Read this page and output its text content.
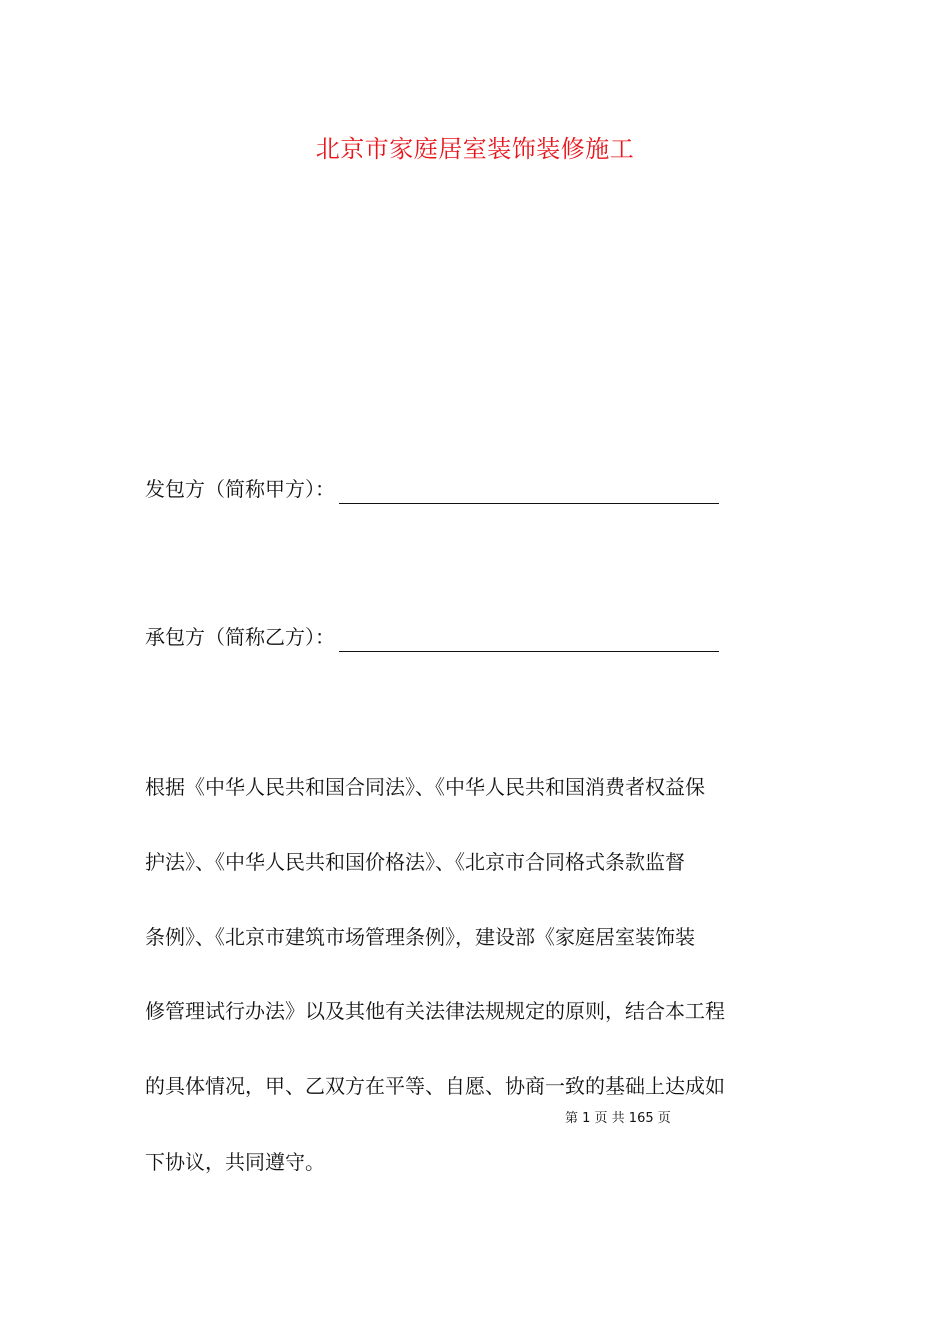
北京市家庭居室装饰装修施工
发包方（简称甲方）：
承包方（简称乙方）：
根据《中华人民共和国合同法》、《中华人民共和国消费者权益保
护法》、《中华人民共和国价格法》、《北京市合同格式条款监督
条例》、《北京市建筑市场管理条例》，建设部《家庭居室装饰装
修管理试行办法》以及其他有关法律法规规定的原则，结合本工程
的具体情况，甲、乙双方在平等、自愿、协商一致的基础上达成如
下协议，共同遵守。
第 1 页 共 165 页
